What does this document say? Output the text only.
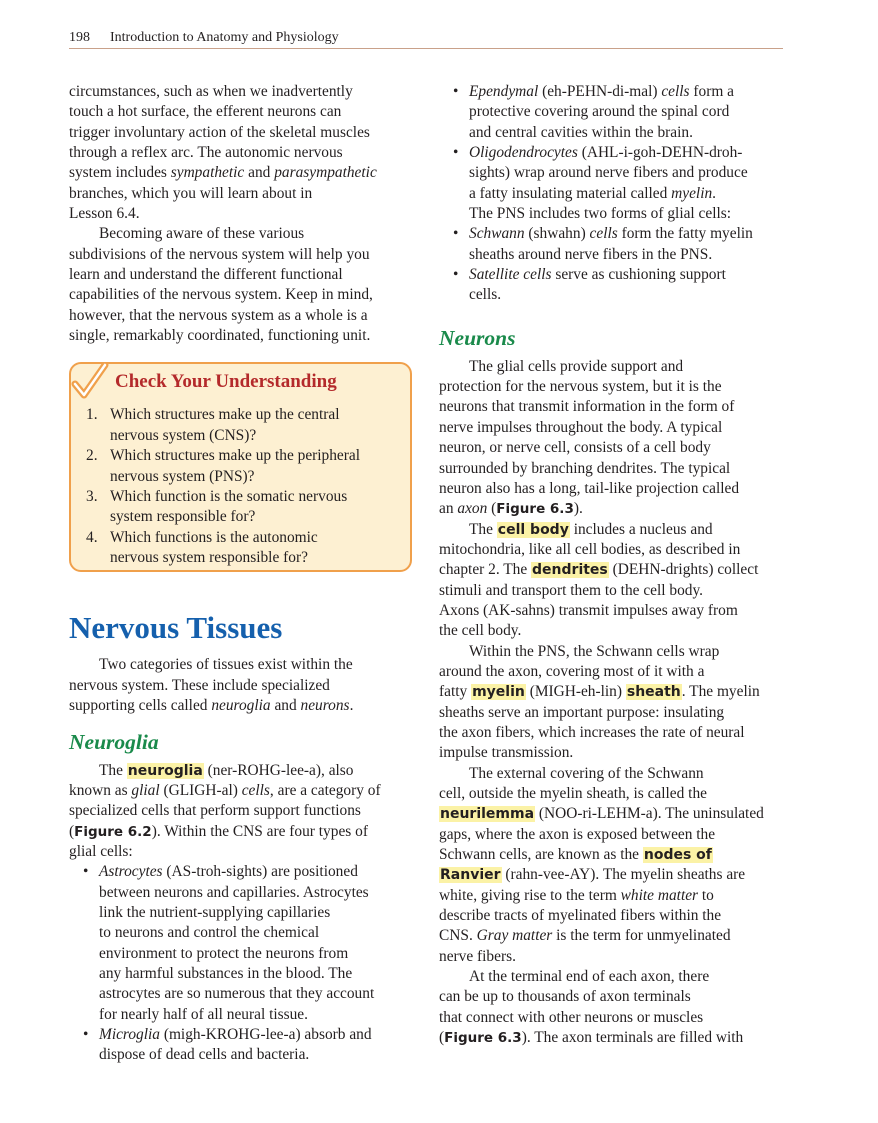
198 Introduction to Anatomy and Physiology

circumstances, such as when we inadvertently
touch a hot surface, the efferent neurons can
trigger involuntary action of the skeletal muscles
through a reflex arc. The autonomic nervous
system includes sympathetic and parasympathetic
branches, which you will learn about in
Lesson 6.4.

Becoming aware of these various
subdivisions of the nervous system will help you
learn and understand the different functional
capabilities of the nervous system. Keep in mind,
however, that the nervous system as a whole is a
single, remarkably coordinated, functioning unit.

Check Your Understanding
1. Which structures make up the central
nervous system (CNS)?
2. Which structures make up the peripheral
nervous system (PNS)?
3. Which function is the somatic nervous
system responsible for?
4. Which functions is the autonomic
nervous system responsible for?
Nervous Tissues

Two categories of tissues exist within the
nervous system. These include specialized
supporting cells called neuroglia and neurons.

Neuroglia

The neuroglia (ner-ROHG-lee-a), also
known as glial (GLIGH-al) cells, are a category of
specialized cells that perform support functions
(Figure 6.2). Within the CNS are four types of
glial cells:

• Astrocytes (AS-troh-sights) are positioned
between neurons and capillaries. Astrocytes
link the nutrient-supplying capillaries
to neurons and control the chemical
environment to protect the neurons from
any harmful substances in the blood. The
astrocytes are so numerous that they account
for nearly half of all neural tissue.
• Microglia (migh-KROHG-lee-a) absorb and
dispose of dead cells and bacteria.
• Ependymal (eh-PEHN-di-mal) cells form a
protective covering around the spinal cord
and central cavities within the brain.
• Oligodendrocytes (AHL-i-goh-DEHN-droh-
sights) wrap around nerve fibers and produce
a fatty insulating material called myelin.

The PNS includes two forms of glial cells:

• Schwann (shwahn) cells form the fatty myelin
sheaths around nerve fibers in the PNS.
• Satellite cells serve as cushioning support
cells.
Neurons

The glial cells provide support and
protection for the nervous system, but it is the
neurons that transmit information in the form of
nerve impulses throughout the body. A typical
neuron, or nerve cell, consists of a cell body
surrounded by branching dendrites. The typical
neuron also has a long, tail-like projection called
an axon (Figure 6.3).

The cell body includes a nucleus and
mitochondria, like all cell bodies, as described in
chapter 2. The dendrites (DEHN-drights) collect
stimuli and transport them to the cell body.
Axons (AK-sahns) transmit impulses away from
the cell body.

Within the PNS, the Schwann cells wrap
around the axon, covering most of it with a
fatty myelin (MIGH-eh-lin) sheath. The myelin
sheaths serve an important purpose: insulating
the axon fibers, which increases the rate of neural
impulse transmission.

The external covering of the Schwann
cell, outside the myelin sheath, is called the
neurilemma (NOO-ri-LEHM-a). The uninsulated
gaps, where the axon is exposed between the
Schwann cells, are known as the nodes of
Ranvier (rahn-vee-AY). The myelin sheaths are
white, giving rise to the term white matter to
describe tracts of myelinated fibers within the
CNS. Gray matter is the term for unmyelinated
nerve fibers.

At the terminal end of each axon, there
can be up to thousands of axon terminals
that connect with other neurons or muscles
(Figure 6.3). The axon terminals are filled with
